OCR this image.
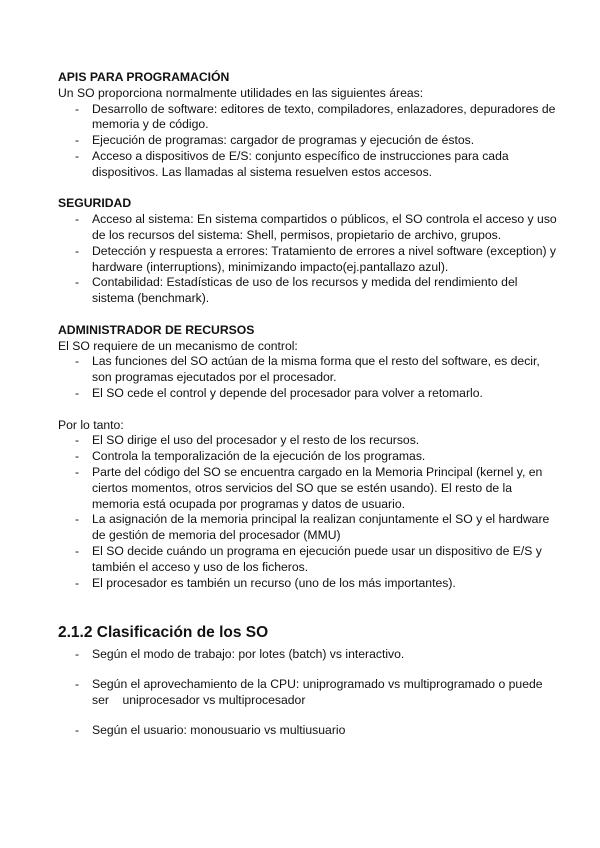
APIS PARA PROGRAMACIÓN

Un SO proporciona normalmente utilidades en las siguientes áreas:

- Desarrollo de software: editores de texto, compiladores, enlazadores, depuradores de memoria y de código.
- Ejecución de programas: cargador de programas y ejecución de éstos.
- Acceso a dispositivos de E/S: conjunto específico de instrucciones para cada dispositivos. Las llamadas al sistema resuelven estos accesos.

SEGURIDAD

- Acceso al sistema: En sistema compartidos o públicos, el SO controla el acceso y uso de los recursos del sistema: Shell, permisos, propietario de archivo, grupos.
- Detección y respuesta a errores: Tratamiento de errores a nivel software (exception) y hardware (interruptions), minimizando impacto(ej.pantallazo azul).
- Contabilidad: Estadísticas de uso de los recursos y medida del rendimiento del sistema (benchmark).

ADMINISTRADOR DE RECURSOS

El SO requiere de un mecanismo de control:

- Las funciones del SO actúan de la misma forma que el resto del software, es decir, son programas ejecutados por el procesador.
- El SO cede el control y depende del procesador para volver a retomarlo.

Por lo tanto:

- El SO dirige el uso del procesador y el resto de los recursos.
- Controla la temporalización de la ejecución de los programas.
- Parte del código del SO se encuentra cargado en la Memoria Principal (kernel y, en ciertos momentos, otros servicios del SO que se estén usando). El resto de la memoria está ocupada por programas y datos de usuario.
- La asignación de la memoria principal la realizan conjuntamente el SO y el hardware de gestión de memoria del procesador (MMU)
- El SO decide cuándo un programa en ejecución puede usar un dispositivo de E/S y también el acceso y uso de los ficheros.
- El procesador es también un recurso (uno de los más importantes).

2.1.2 Clasificación de los SO

- Según el modo de trabajo: por lotes (batch) vs interactivo.
- Según el aprovechamiento de la CPU: uniprogramado vs multiprogramado o puede ser    uniprocesador vs multiprocesador
- Según el usuario: monousuario vs multiusuario
